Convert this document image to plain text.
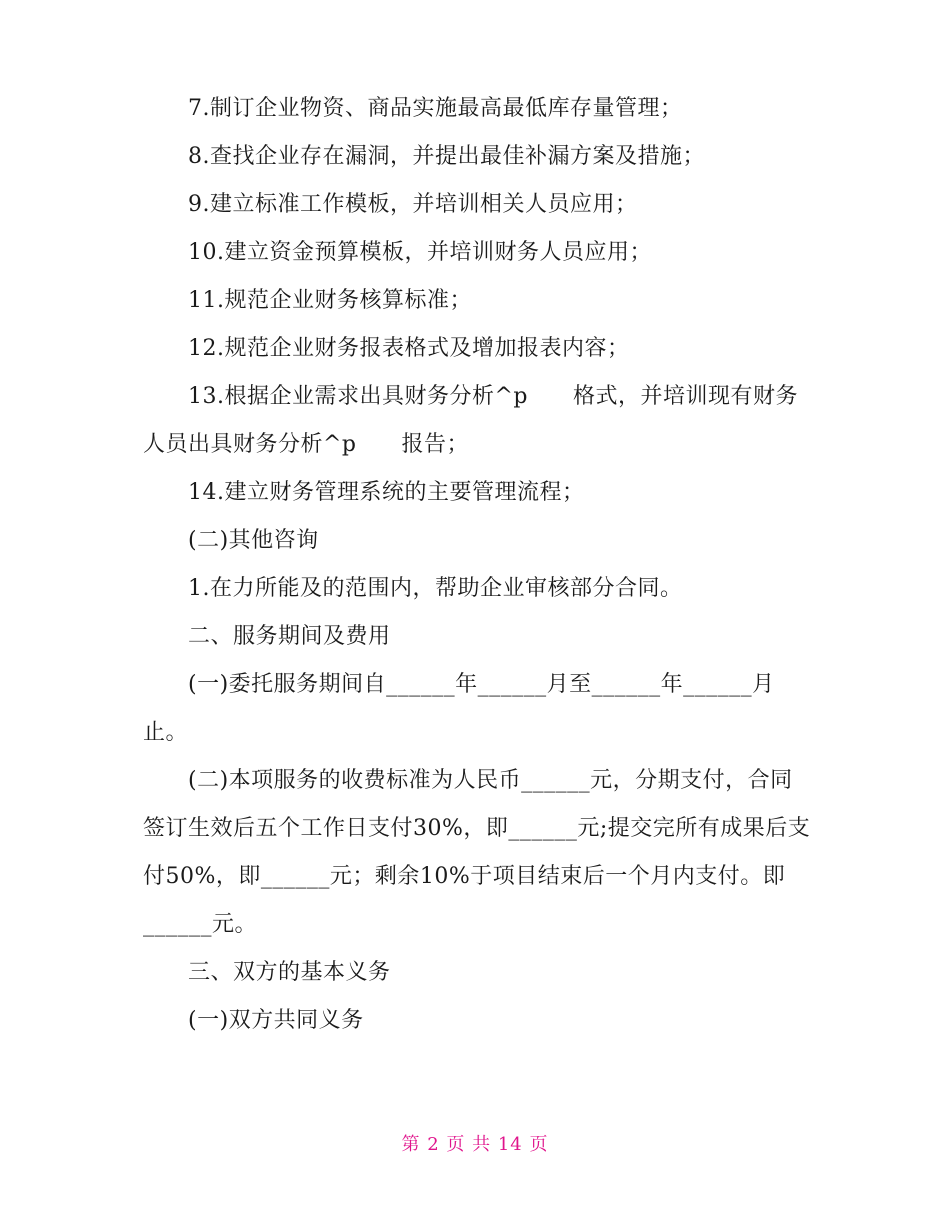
7.制订企业物资、商品实施最高最低库存量管理；

8.查找企业存在漏洞，并提出最佳补漏方案及措施；

9.建立标准工作模板，并培训相关人员应用；

10.建立资金预算模板，并培训财务人员应用；

11.规范企业财务核算标准；

12.规范企业财务报表格式及增加报表内容；

13.根据企业需求出具财务分析^p      格式，并培训现有财务人员出具财务分析^p      报告；

14.建立财务管理系统的主要管理流程；

(二)其他咨询

1.在力所能及的范围内，帮助企业审核部分合同。

二、服务期间及费用

(一)委托服务期间自______年______月至______年______月止。

(二)本项服务的收费标准为人民币______元，分期支付，合同签订生效后五个工作日支付30%，即______元;提交完所有成果后支付50%，即______元；剩余10%于项目结束后一个月内支付。即______元。

三、双方的基本义务

(一)双方共同义务

第 2 页 共 14 页
